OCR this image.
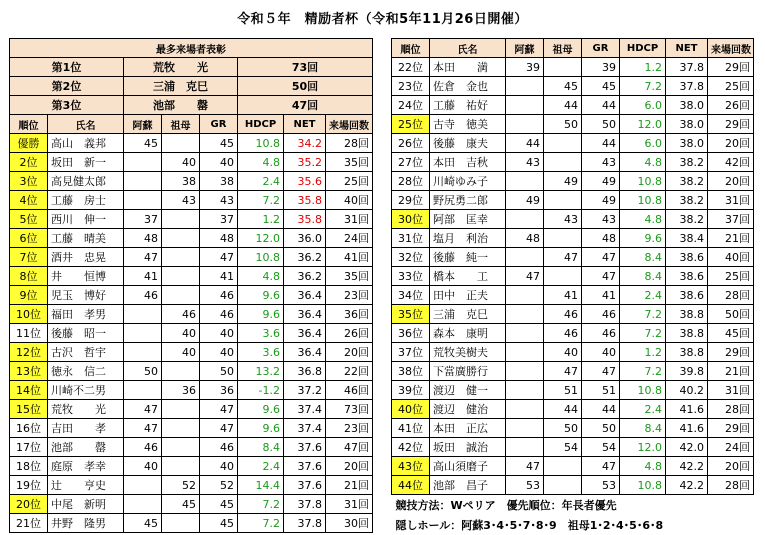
令和５年　精励者杯（令和5年11月26日開催）
最多来場者表彰							
第1位		荒牧　　光			73回		
第2位		三浦　克巳			50回		
第3位		池部　　罄			47回		
順位	氏名	阿蘇	祖母	GR	HDCP	NET	来場回数
優勝	高山　義邦	45		45	10.8	34.2	28回
2位	坂田　新一		40	40	4.8	35.2	35回
3位	高見健太郎		38	38	2.4	35.6	25回
4位	工藤　房士		43	43	7.2	35.8	40回
5位	西川　伸一	37		37	1.2	35.8	31回
6位	工藤　晴美	48		48	12.0	36.0	24回
7位	酒井　忠晃	47		47	10.8	36.2	41回
8位	井　　恒博	41		41	4.8	36.2	35回
9位	児玉　博好	46		46	9.6	36.4	23回
10位	福田　孝男		46	46	9.6	36.4	36回
11位	後藤　昭一		40	40	3.6	36.4	26回
12位	古沢　哲宇		40	40	3.6	36.4	20回
13位	徳永　信二	50		50	13.2	36.8	22回
14位	川崎不二男		36	36	-1.2	37.2	46回
15位	荒牧　　光	47		47	9.6	37.4	73回
16位	吉田　　孝	47		47	9.6	37.4	23回
17位	池部　　罄	46		46	8.4	37.6	47回
18位	庭原　孝幸	40		40	2.4	37.6	20回
19位	辻　　亨史		52	52	14.4	37.6	21回
20位	中尾　新明		45	45	7.2	37.8	31回
21位	井野　隆男	45		45	7.2	37.8	30回
順位	氏名	阿蘇	祖母	GR	HDCP	NET	来場回数
22位	本田　　満	39		39	1.2	37.8	29回
23位	佐倉　金也		45	45	7.2	37.8	25回
24位	工藤　祐好		44	44	6.0	38.0	26回
25位	古寺　徳美		50	50	12.0	38.0	29回
26位	後藤　康夫	44		44	6.0	38.0	20回
27位	本田　吉秋	43		43	4.8	38.2	42回
28位	川崎ゆみ子		49	49	10.8	38.2	20回
29位	野尻勇二郎	49		49	10.8	38.2	31回
30位	阿部　匡幸		43	43	4.8	38.2	37回
31位	塩月　利治	48		48	9.6	38.4	21回
32位	後藤　純一		47	47	8.4	38.6	40回
33位	橋本　　工	47		47	8.4	38.6	25回
34位	田中　正夫		41	41	2.4	38.6	28回
35位	三浦　克巳		46	46	7.2	38.8	50回
36位	森本　康明		46	46	7.2	38.8	45回
37位	荒牧美樹夫		40	40	1.2	38.8	29回
38位	下當廣勝行		47	47	7.2	39.8	21回
39位	渡辺　健一		51	51	10.8	40.2	31回
40位	渡辺　健治		44	44	2.4	41.6	28回
41位	本田　正広		50	50	8.4	41.6	29回
42位	坂田　誠治		54	54	12.0	42.0	24回
43位	高山須磨子	47		47	4.8	42.2	20回
44位	池部　昌子	53		53	10.8	42.2	28回
競技方法：Wペリア　優先順位：年長者優先							
隠しホール：阿蘇3･4･5･7･8･9　祖母1･2･4･5･6･8							
